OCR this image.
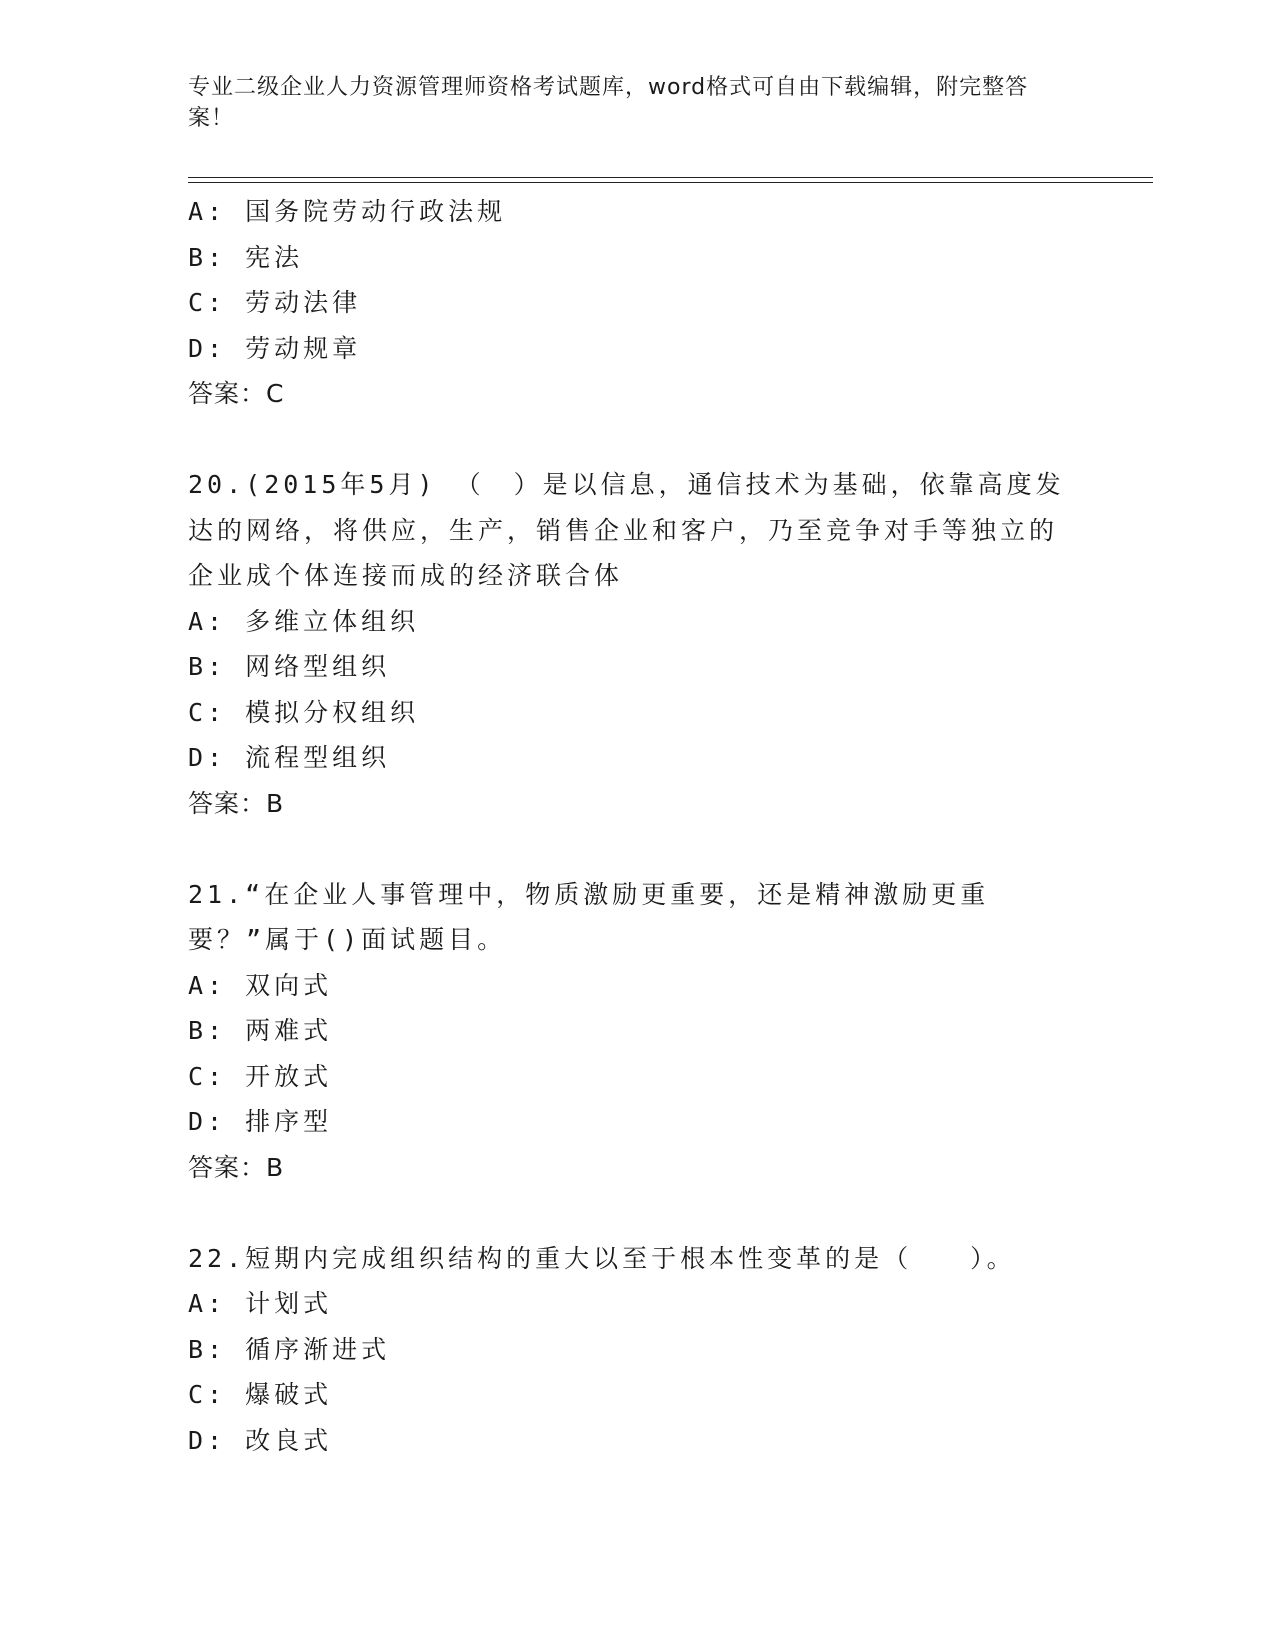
专业二级企业人力资源管理师资格考试题库，word格式可自由下载编辑，附完整答案！
A: 国务院劳动行政法规
B: 宪法
C: 劳动法律
D: 劳动规章
答案：C
20.(2015年5月) （　）是以信息，通信技术为基础，依靠高度发达的网络，将供应，生产，销售企业和客户，乃至竞争对手等独立的企业成个体连接而成的经济联合体
A: 多维立体组织
B: 网络型组织
C: 模拟分权组织
D: 流程型组织
答案：B
21.“在企业人事管理中，物质激励更重要，还是精神激励更重要？”属于()面试题目。
A: 双向式
B: 两难式
C: 开放式
D: 排序型
答案：B
22.短期内完成组织结构的重大以至于根本性变革的是（　　）。
A: 计划式
B: 循序渐进式
C: 爆破式
D: 改良式
